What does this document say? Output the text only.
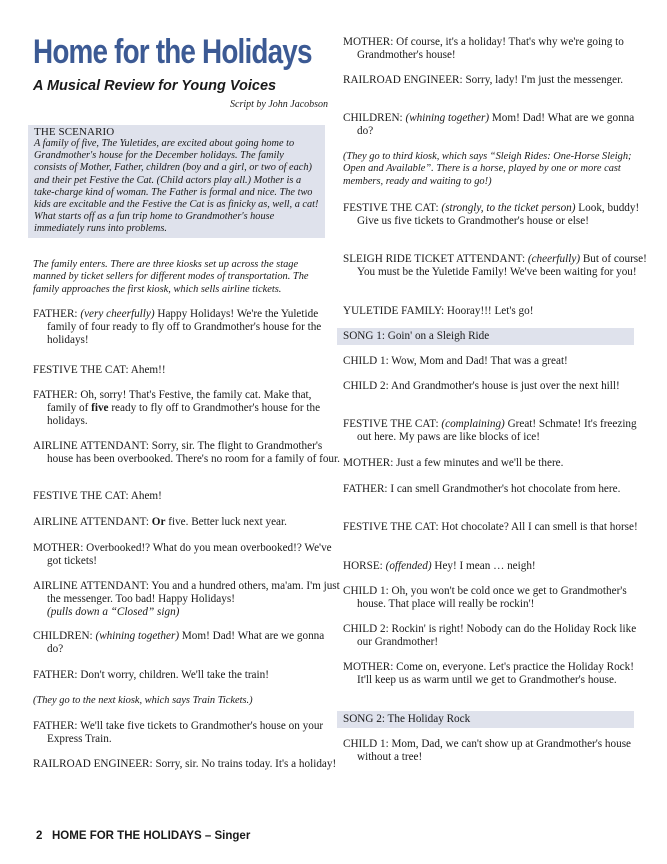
Home for the Holidays
A Musical Review for Young Voices
Script by John Jacobson
THE SCENARIO
A family of five, The Yuletides, are excited about going home to Grandmother's house for the December holidays. The family consists of Mother, Father, children (boy and a girl, or two of each) and their pet Festive the Cat. (Child actors play all.) Mother is a take-charge kind of woman. The Father is formal and nice. The two kids are excitable and the Festive the Cat is as finicky as, well, a cat! What starts off as a fun trip home to Grandmother's house immediately runs into problems.

The family enters. There are three kiosks set up across the stage manned by ticket sellers for different modes of transportation. The family approaches the first kiosk, which sells airline tickets.

FATHER: (very cheerfully) Happy Holidays! We're the Yuletide family of four ready to fly off to Grandmother's house for the holidays!

FESTIVE THE CAT: Ahem!!

FATHER: Oh, sorry! That's Festive, the family cat. Make that, family of five ready to fly off to Grandmother's house for the holidays.

AIRLINE ATTENDANT: Sorry, sir. The flight to Grandmother's house has been overbooked. There's no room for a family of four.

FESTIVE THE CAT: Ahem!

AIRLINE ATTENDANT: Or five. Better luck next year.

MOTHER: Overbooked!? What do you mean overbooked!? We've got tickets!

AIRLINE ATTENDANT: You and a hundred others, ma'am. I'm just the messenger. Too bad! Happy Holidays!
(pulls down a “Closed” sign)

CHILDREN: (whining together) Mom! Dad! What are we gonna do?

FATHER: Don't worry, children. We'll take the train!

(They go to the next kiosk, which says Train Tickets.)

FATHER: We'll take five tickets to Grandmother's house on your Express Train.

RAILROAD ENGINEER: Sorry, sir. No trains today. It's a holiday!

MOTHER: Of course, it's a holiday! That's why we're going to Grandmother's house!

RAILROAD ENGINEER: Sorry, lady! I'm just the messenger.

CHILDREN: (whining together) Mom! Dad! What are we gonna do?

(They go to third kiosk, which says “Sleigh Rides: One-Horse Sleigh; Open and Available”. There is a horse, played by one or more cast members, ready and waiting to go!)

FESTIVE THE CAT: (strongly, to the ticket person) Look, buddy! Give us five tickets to Grandmother's house or else!

SLEIGH RIDE TICKET ATTENDANT: (cheerfully) But of course! You must be the Yuletide Family! We've been waiting for you!

YULETIDE FAMILY: Hooray!!! Let's go!

SONG 1: Goin' on a Sleigh Ride

CHILD 1: Wow, Mom and Dad! That was a great!

CHILD 2: And Grandmother's house is just over the next hill!

FESTIVE THE CAT: (complaining) Great! Schmate! It's freezing out here. My paws are like blocks of ice!

MOTHER: Just a few minutes and we'll be there.

FATHER: I can smell Grandmother's hot chocolate from here.

FESTIVE THE CAT: Hot chocolate? All I can smell is that horse!

HORSE: (offended) Hey! I mean … neigh!

CHILD 1: Oh, you won't be cold once we get to Grandmother's house. That place will really be rockin'!

CHILD 2: Rockin' is right! Nobody can do the Holiday Rock like our Grandmother!

MOTHER: Come on, everyone. Let's practice the Holiday Rock! It'll keep us as warm until we get to Grandmother's house.

SONG 2: The Holiday Rock

CHILD 1: Mom, Dad, we can't show up at Grandmother's house without a tree!

2 HOME FOR THE HOLIDAYS – Singer
